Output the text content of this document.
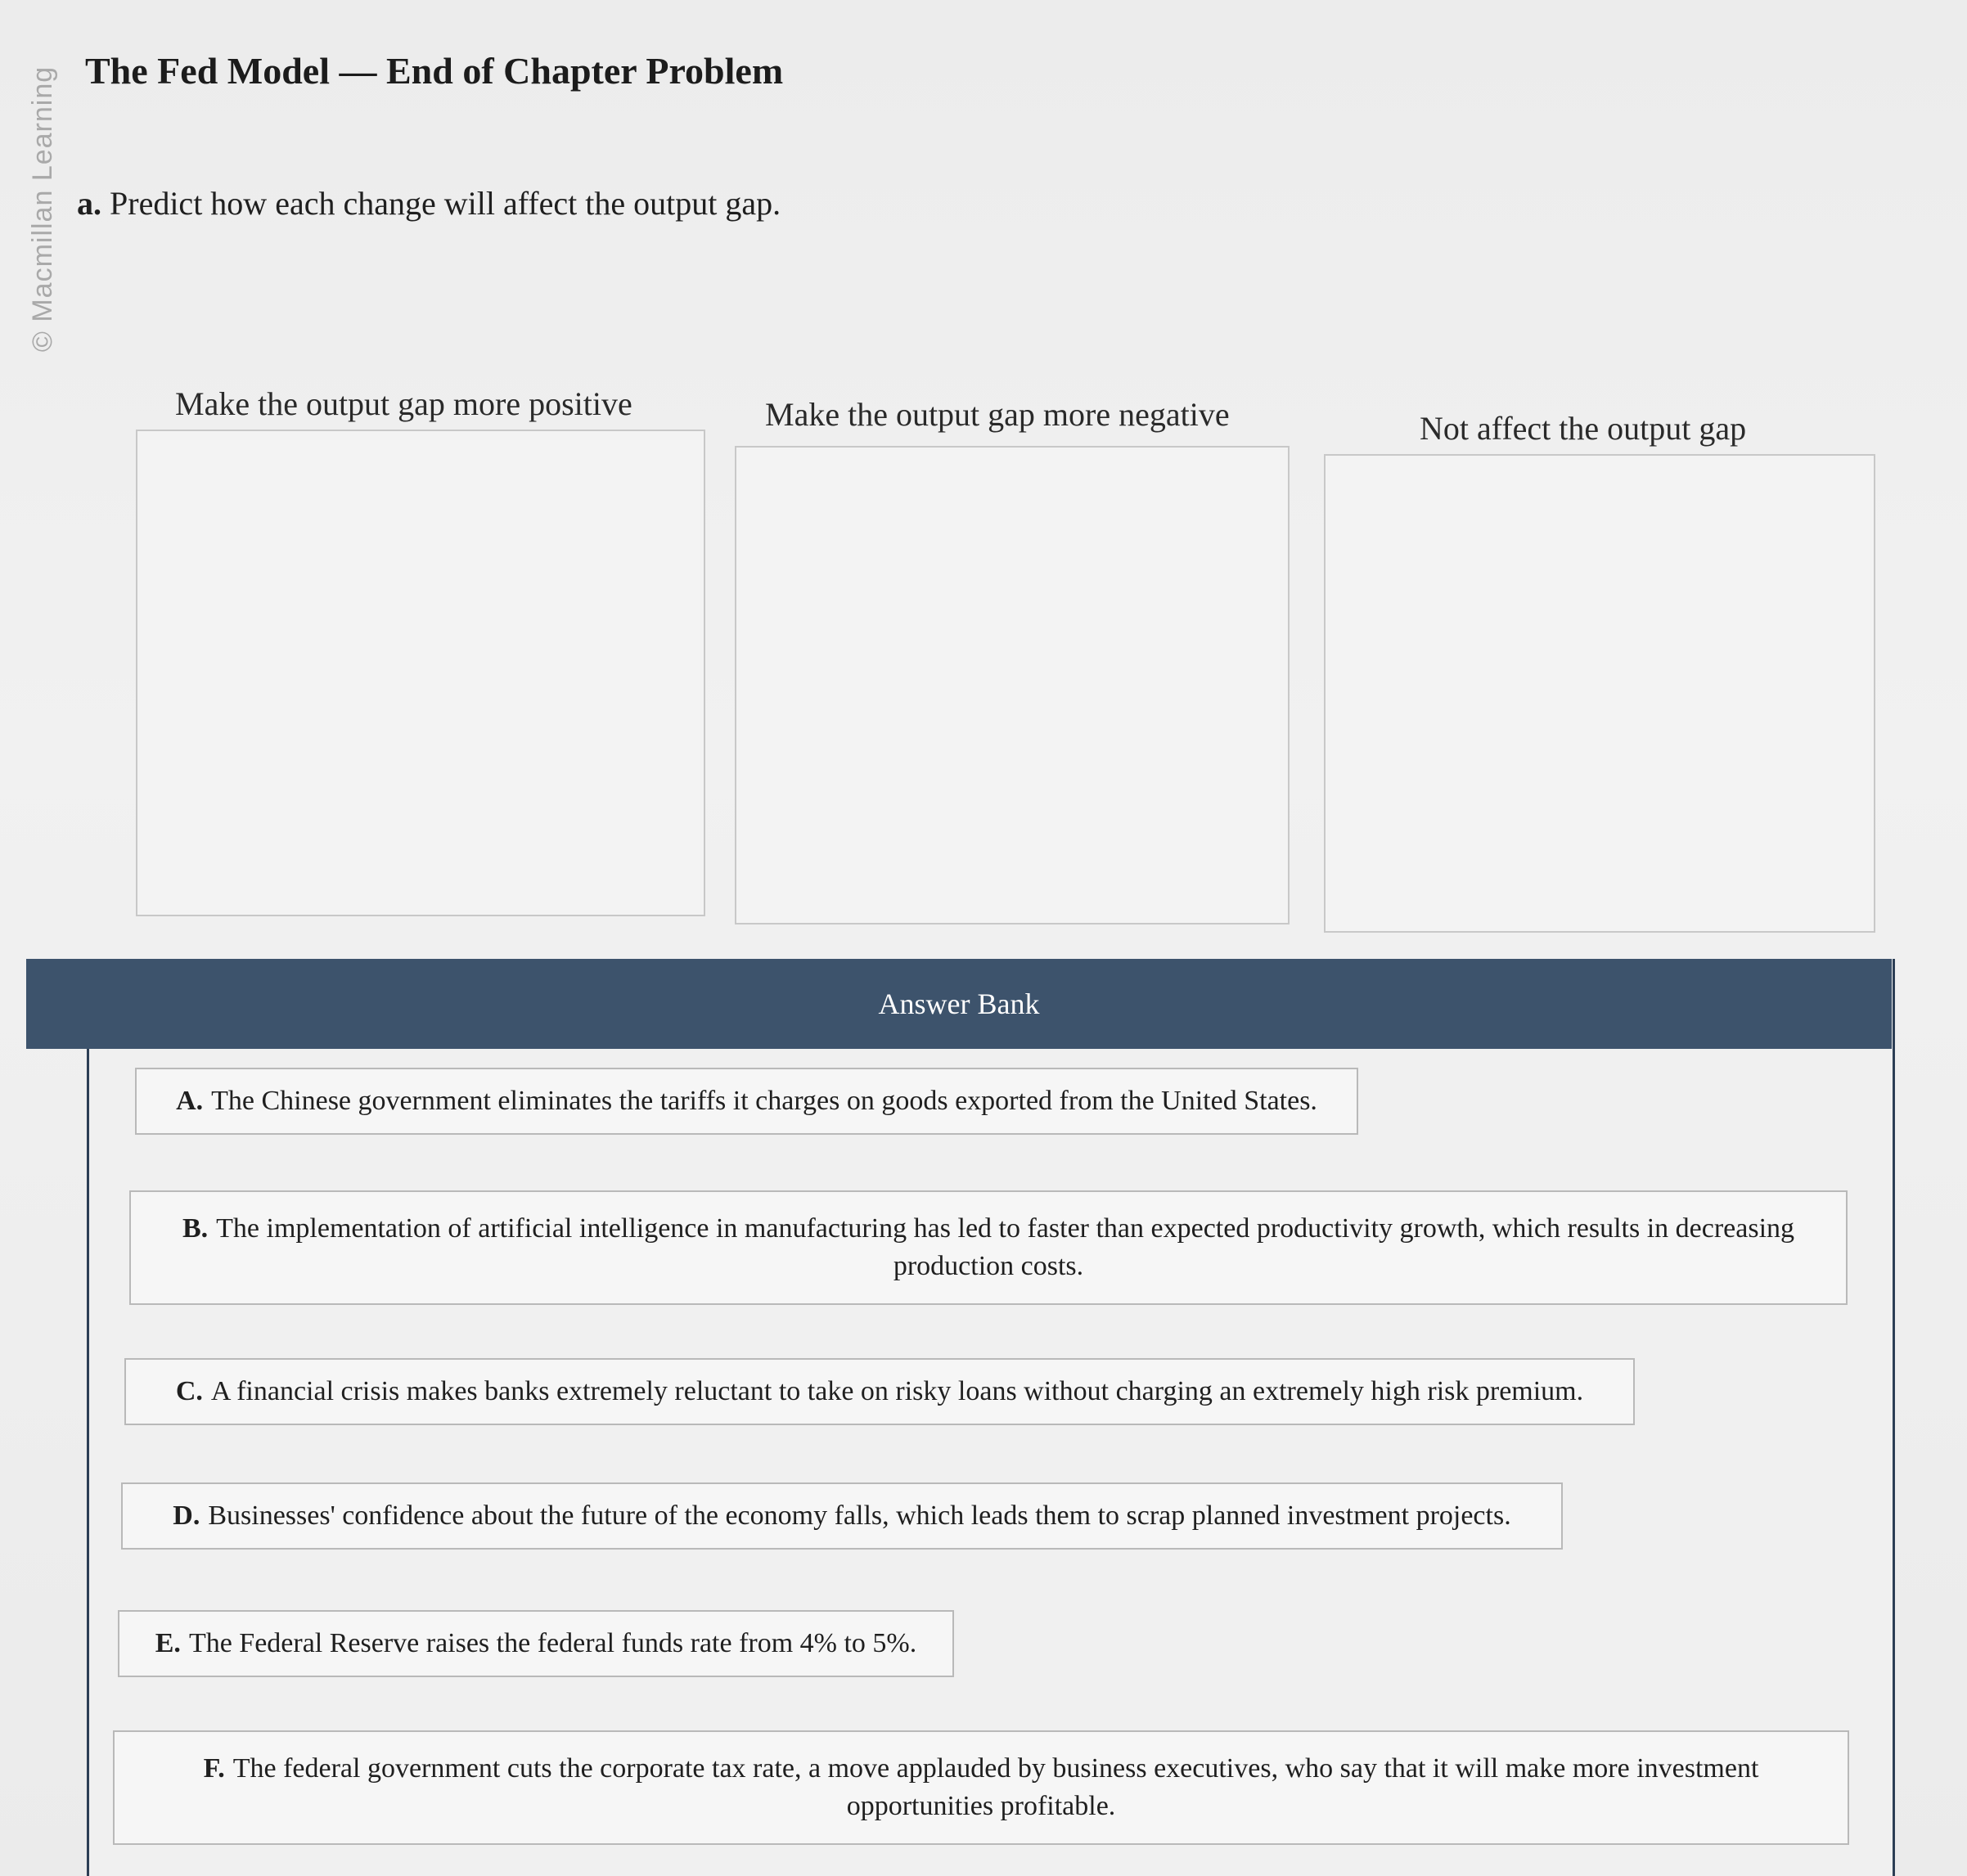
© Macmillan Learning The Fed Model — End of Chapter Problem
a. Predict how each change will affect the output gap.
Make the output gap more positive	Make the output gap more negative	Not affect the output gap
Answer Bank
A. The Chinese government eliminates the tariffs it charges on goods exported from the United States.
B. The implementation of artificial intelligence in manufacturing has led to faster than expected productivity growth, which results in decreasing production costs.
C. A financial crisis makes banks extremely reluctant to take on risky loans without charging an extremely high risk premium.
D. Businesses' confidence about the future of the economy falls, which leads them to scrap planned investment projects.
E. The Federal Reserve raises the federal funds rate from 4% to 5%.
F. The federal government cuts the corporate tax rate, a move applauded by business executives, who say that it will make more investment opportunities profitable.
